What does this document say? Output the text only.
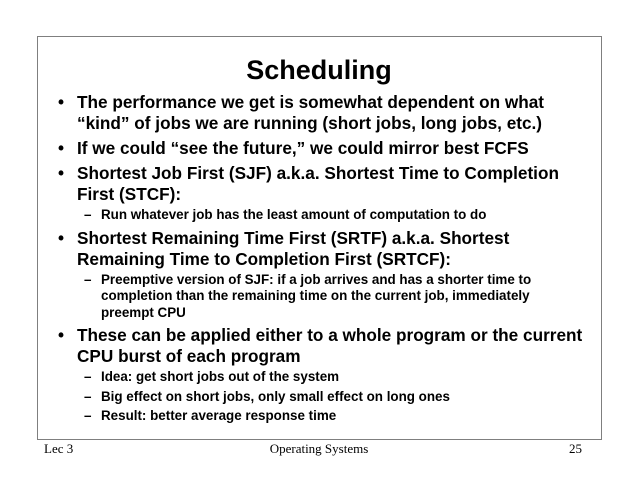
Scheduling
• The performance we get is somewhat dependent on what “kind” of jobs we are running (short jobs, long jobs, etc.)
• If we could “see the future,” we could mirror best FCFS
• Shortest Job First (SJF) a.k.a. Shortest Time to Completion First (STCF):
– Run whatever job has the least amount of computation to do
• Shortest Remaining Time First (SRTF) a.k.a. Shortest Remaining Time to Completion First (SRTCF):
– Preemptive version of SJF: if a job arrives and has a shorter time to completion than the remaining time on the current job, immediately preempt CPU
• These can be applied either to a whole program or the current CPU burst of each program
– Idea: get short jobs out of the system
– Big effect on short jobs, only small effect on long ones
– Result: better average response time
Lec 3	Operating Systems	25
